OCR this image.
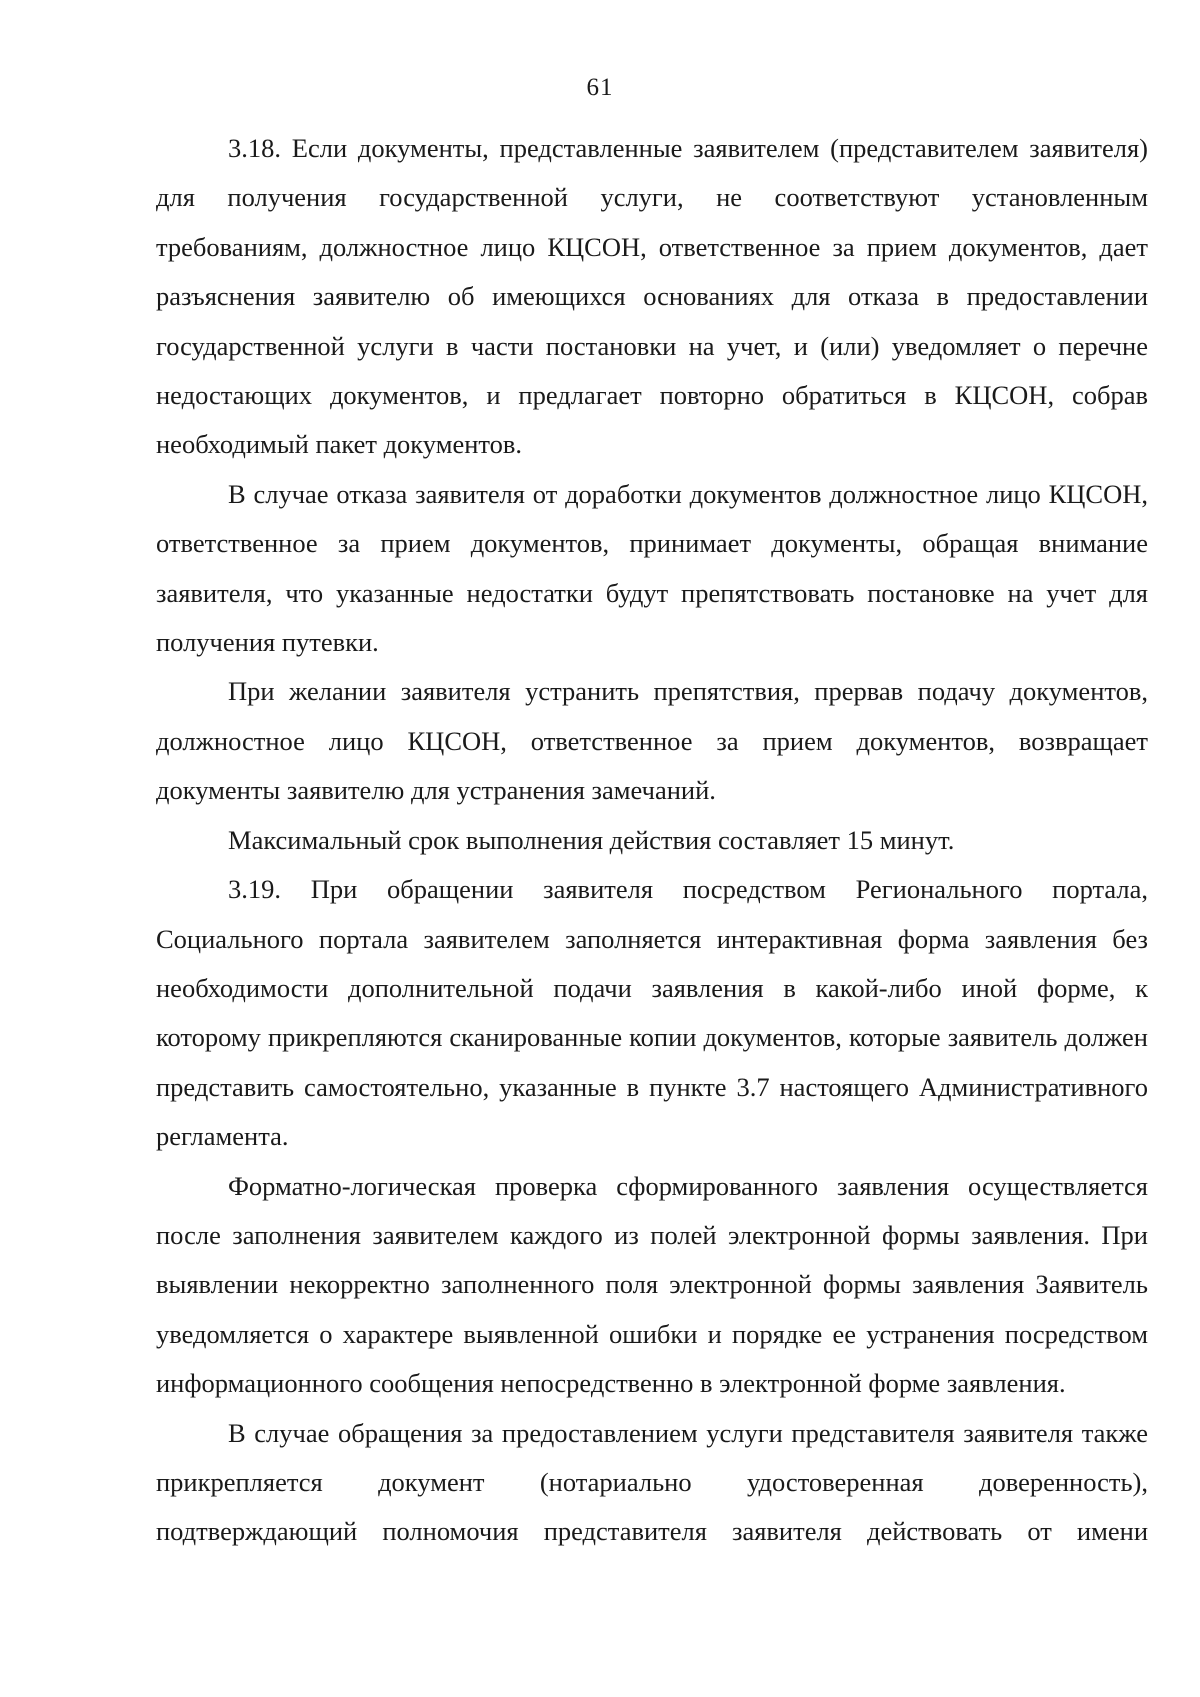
61

3.18. Если документы, представленные заявителем (представителем заявителя) для получения государственной услуги, не соответствуют установленным требованиям, должностное лицо КЦСОН, ответственное за прием документов, дает разъяснения заявителю об имеющихся основаниях для отказа в предоставлении государственной услуги в части постановки на учет, и (или) уведомляет о перечне недостающих документов, и предлагает повторно обратиться в КЦСОН, собрав необходимый пакет документов.

В случае отказа заявителя от доработки документов должностное лицо КЦСОН, ответственное за прием документов, принимает документы, обращая внимание заявителя, что указанные недостатки будут препятствовать постановке на учет для получения путевки.

При желании заявителя устранить препятствия, прервав подачу документов, должностное лицо КЦСОН, ответственное за прием документов, возвращает документы заявителю для устранения замечаний.

Максимальный срок выполнения действия составляет 15 минут.

3.19. При обращении заявителя посредством Регионального портала, Социального портала заявителем заполняется интерактивная форма заявления без необходимости дополнительной подачи заявления в какой-либо иной форме, к которому прикрепляются сканированные копии документов, которые заявитель должен представить самостоятельно, указанные в пункте 3.7 настоящего Административного регламента.

Форматно-логическая проверка сформированного заявления осуществляется после заполнения заявителем каждого из полей электронной формы заявления. При выявлении некорректно заполненного поля электронной формы заявления Заявитель уведомляется о характере выявленной ошибки и порядке ее устранения посредством информационного сообщения непосредственно в электронной форме заявления.

В случае обращения за предоставлением услуги представителя заявителя также прикрепляется документ (нотариально удостоверенная доверенность), подтверждающий полномочия представителя заявителя действовать от имени
